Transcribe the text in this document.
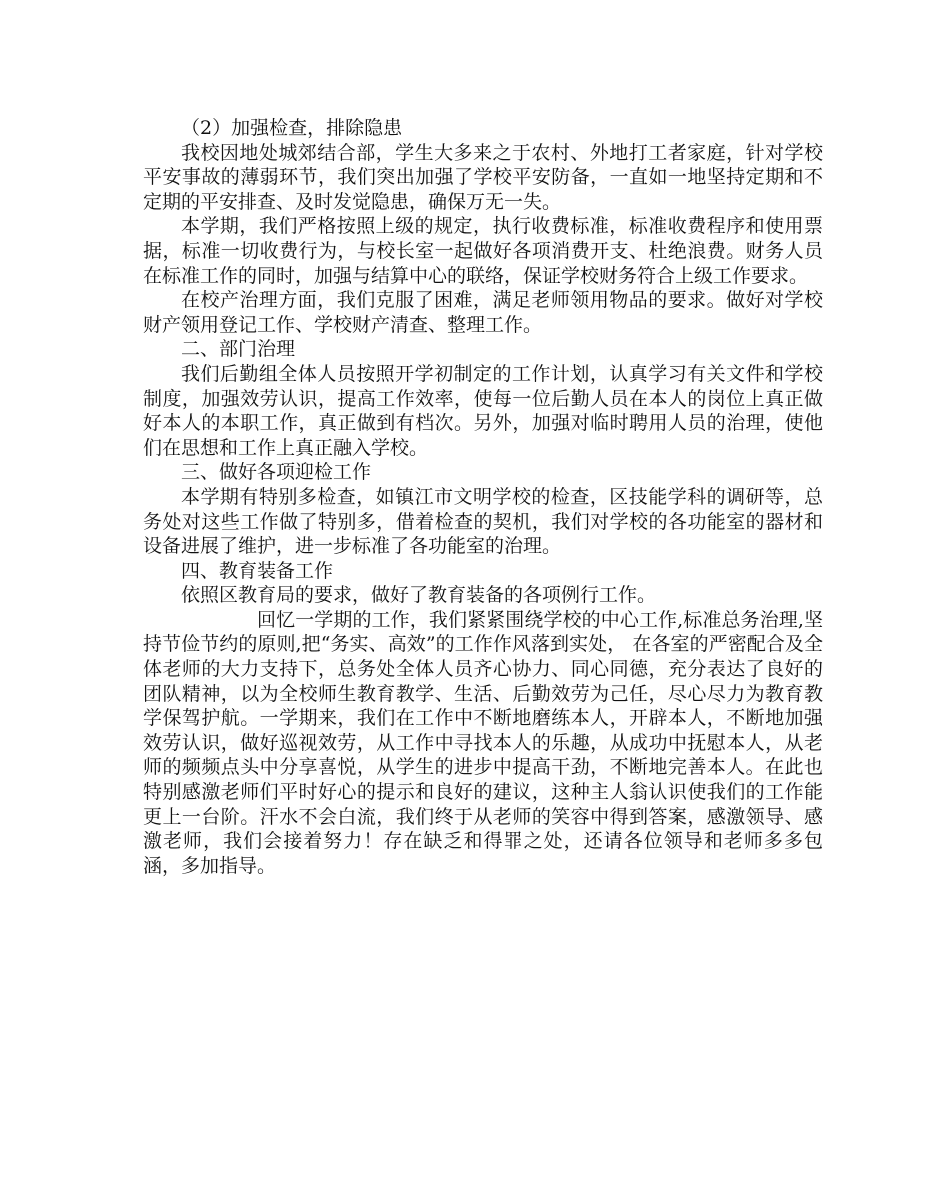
（2）加强检查，排除隐患

我校因地处城郊结合部，学生大多来之于农村、外地打工者家庭，针对学校平安事故的薄弱环节，我们突出加强了学校平安防备，一直如一地坚持定期和不定期的平安排查、及时发觉隐患，确保万无一失。

本学期，我们严格按照上级的规定，执行收费标准，标准收费程序和使用票据，标准一切收费行为，与校长室一起做好各项消费开支、杜绝浪费。财务人员在标准工作的同时，加强与结算中心的联络，保证学校财务符合上级工作要求。

在校产治理方面，我们克服了困难，满足老师领用物品的要求。做好对学校财产领用登记工作、学校财产清查、整理工作。

二、部门治理

我们后勤组全体人员按照开学初制定的工作计划，认真学习有关文件和学校制度，加强效劳认识，提高工作效率，使每一位后勤人员在本人的岗位上真正做好本人的本职工作，真正做到有档次。另外，加强对临时聘用人员的治理，使他们在思想和工作上真正融入学校。

三、做好各项迎检工作

本学期有特别多检查，如镇江市文明学校的检查，区技能学科的调研等，总务处对这些工作做了特别多，借着检查的契机，我们对学校的各功能室的器材和设备进展了维护，进一步标准了各功能室的治理。

四、教育装备工作

依照区教育局的要求，做好了教育装备的各项例行工作。

回忆一学期的工作，我们紧紧围绕学校的中心工作,标准总务治理,坚持节俭节约的原则,把“务实、高效”的工作作风落到实处， 在各室的严密配合及全体老师的大力支持下，总务处全体人员齐心协力、同心同德，充分表达了良好的团队精神，以为全校师生教育教学、生活、后勤效劳为己任，尽心尽力为教育教学保驾护航。一学期来，我们在工作中不断地磨练本人，开辟本人，不断地加强效劳认识，做好巡视效劳，从工作中寻找本人的乐趣，从成功中抚慰本人，从老师的频频点头中分享喜悦，从学生的进步中提高干劲，不断地完善本人。在此也特别感激老师们平时好心的提示和良好的建议，这种主人翁认识使我们的工作能更上一台阶。汗水不会白流，我们终于从老师的笑容中得到答案，感激领导、感激老师，我们会接着努力！存在缺乏和得罪之处，还请各位领导和老师多多包涵，多加指导。
